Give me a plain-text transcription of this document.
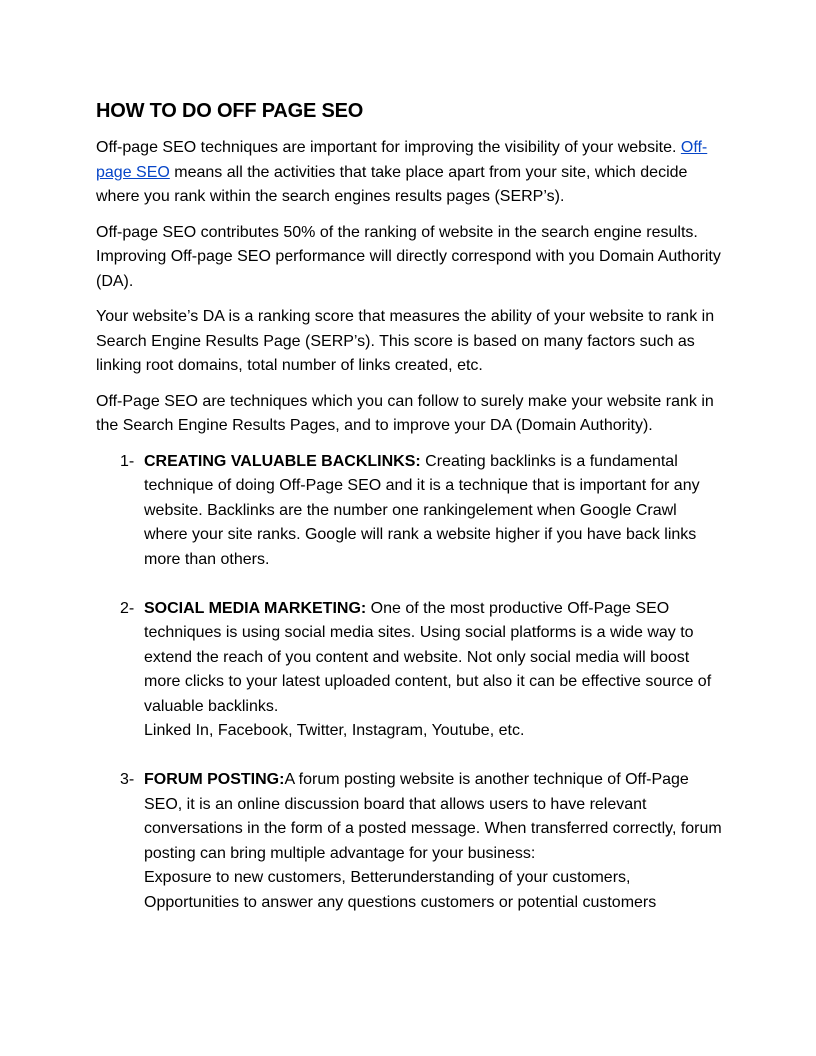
HOW TO DO OFF PAGE SEO

Off-page SEO techniques are important for improving the visibility of your website. Off-page SEO means all the activities that take place apart from your site, which decide where you rank within the search engines results pages (SERP’s).

Off-page SEO contributes 50% of the ranking of website in the search engine results. Improving Off-page SEO performance will directly correspond with you Domain Authority (DA).

Your website’s DA is a ranking score that measures the ability of your website to rank in Search Engine Results Page (SERP’s). This score is based on many factors such as linking root domains, total number of links created, etc.

Off-Page SEO are techniques which you can follow to surely make your website rank in the Search Engine Results Pages, and to improve your DA (Domain Authority).

1- CREATING VALUABLE BACKLINKS: Creating backlinks is a fundamental technique of doing Off-Page SEO and it is a technique that is important for any website. Backlinks are the number one rankingelement when Google Crawl where your site ranks. Google will rank a website higher if you have back links more than others.
2- SOCIAL MEDIA MARKETING: One of the most productive Off-Page SEO techniques is using social media sites. Using social platforms is a wide way to extend the reach of you content and website. Not only social media will boost more clicks to your latest uploaded content, but also it can be effective source of valuable backlinks.
Linked In, Facebook, Twitter, Instagram, Youtube, etc.
3- FORUM POSTING:A forum posting website is another technique of Off-Page SEO, it is an online discussion board that allows users to have relevant conversations in the form of a posted message. When transferred correctly, forum posting can bring multiple advantage for your business:
Exposure to new customers, Betterunderstanding of your customers, Opportunities to answer any questions customers or potential customers
